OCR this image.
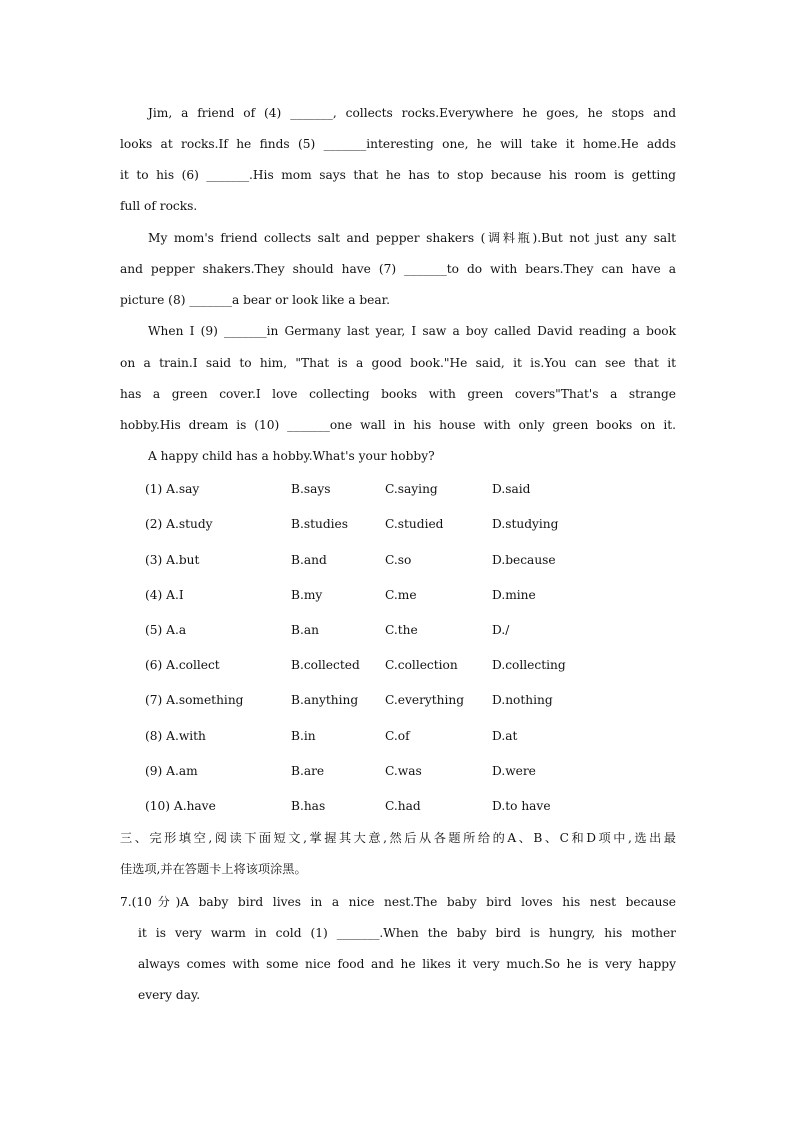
Jim, a friend of (4) _______, collects rocks.Everywhere he goes, he stops and
looks at rocks.If he finds (5) _______interesting one, he will take it home.He adds
it to his (6) _______.His mom says that he has to stop because his room is getting
full of rocks.
My mom's friend collects salt and pepper shakers (调料瓶).But not just any salt
and pepper shakers.They should have (7) _______to do with bears.They can have a
picture (8) _______a bear or look like a bear.
When I (9) _______in Germany last year, I saw a boy called David reading a book
on a train.I said to him, "That is a good book."He said, it is.You can see that it
has a green cover.I love collecting books with green covers"That's a strange
hobby.His dream is (10) _______one wall in his house with only green books on it.
A happy child has a hobby.What's your hobby?
(1) A.say	B.says	C.saying	D.said
(2) A.study	B.studies	C.studied	D.studying
(3) A.but	B.and	C.so	D.because
(4) A.I	B.my	C.me	D.mine
(5) A.a	B.an	C.the	D./
(6) A.collect	B.collected C.collection	D.collecting
(7) A.something	B.anything C.everything D.nothing
(8) A.with	B.in	C.of	D.at
(9) A.am	B.are	C.was	D.were
(10) A.have	B.has	C.had	D.to have
三、完形填空,阅读下面短文,掌握其大意,然后从各题所给的A、B、C和D项中,选出最
佳选项,并在答题卡上将该项涂黑。
7.(10分)A baby bird lives in a nice nest.The baby bird loves his nest because
it is very warm in cold (1) _______.When the baby bird is hungry, his mother
always comes with some nice food and he likes it very much.So he is very happy
every day.
